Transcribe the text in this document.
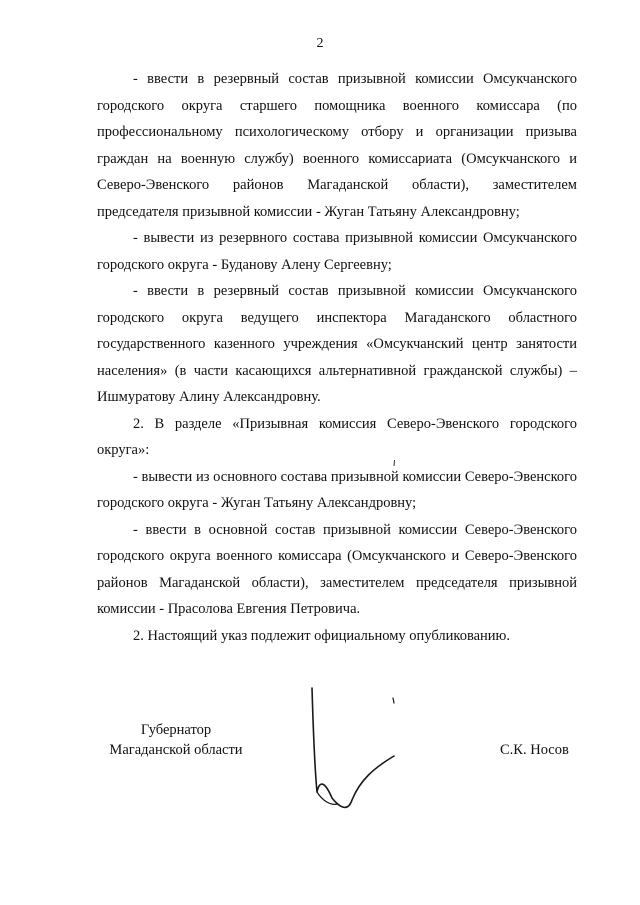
2

- ввести в резервный состав призывной комиссии Омсукчанского городского округа старшего помощника военного комиссара (по профессиональному психологическому отбору и организации призыва граждан на военную службу) военного комиссариата (Омсукчанского и Северо-Эвенского районов Магаданской области), заместителем председателя призывной комиссии - Жуган Татьяну Александровну;

- вывести из резервного состава призывной комиссии Омсукчанского городского округа - Буданову Алену Сергеевну;

- ввести в резервный состав призывной комиссии Омсукчанского городского округа ведущего инспектора Магаданского областного государственного казенного учреждения «Омсукчанский центр занятости населения» (в части касающихся альтернативной гражданской службы) – Ишмуратову Алину Александровну.

2. В разделе «Призывная комиссия Северо-Эвенского городского округа»:

- вывести из основного состава призывной комиссии Северо-Эвенского городского округа - Жуган Татьяну Александровну;

- ввести в основной состав призывной комиссии Северо-Эвенского городского округа военного комиссара (Омсукчанского и Северо-Эвенского районов Магаданской области), заместителем председателя призывной комиссии - Прасолова Евгения Петровича.

2. Настоящий указ подлежит официальному опубликованию.

Губернатор
Магаданской области	С.К. Носов
